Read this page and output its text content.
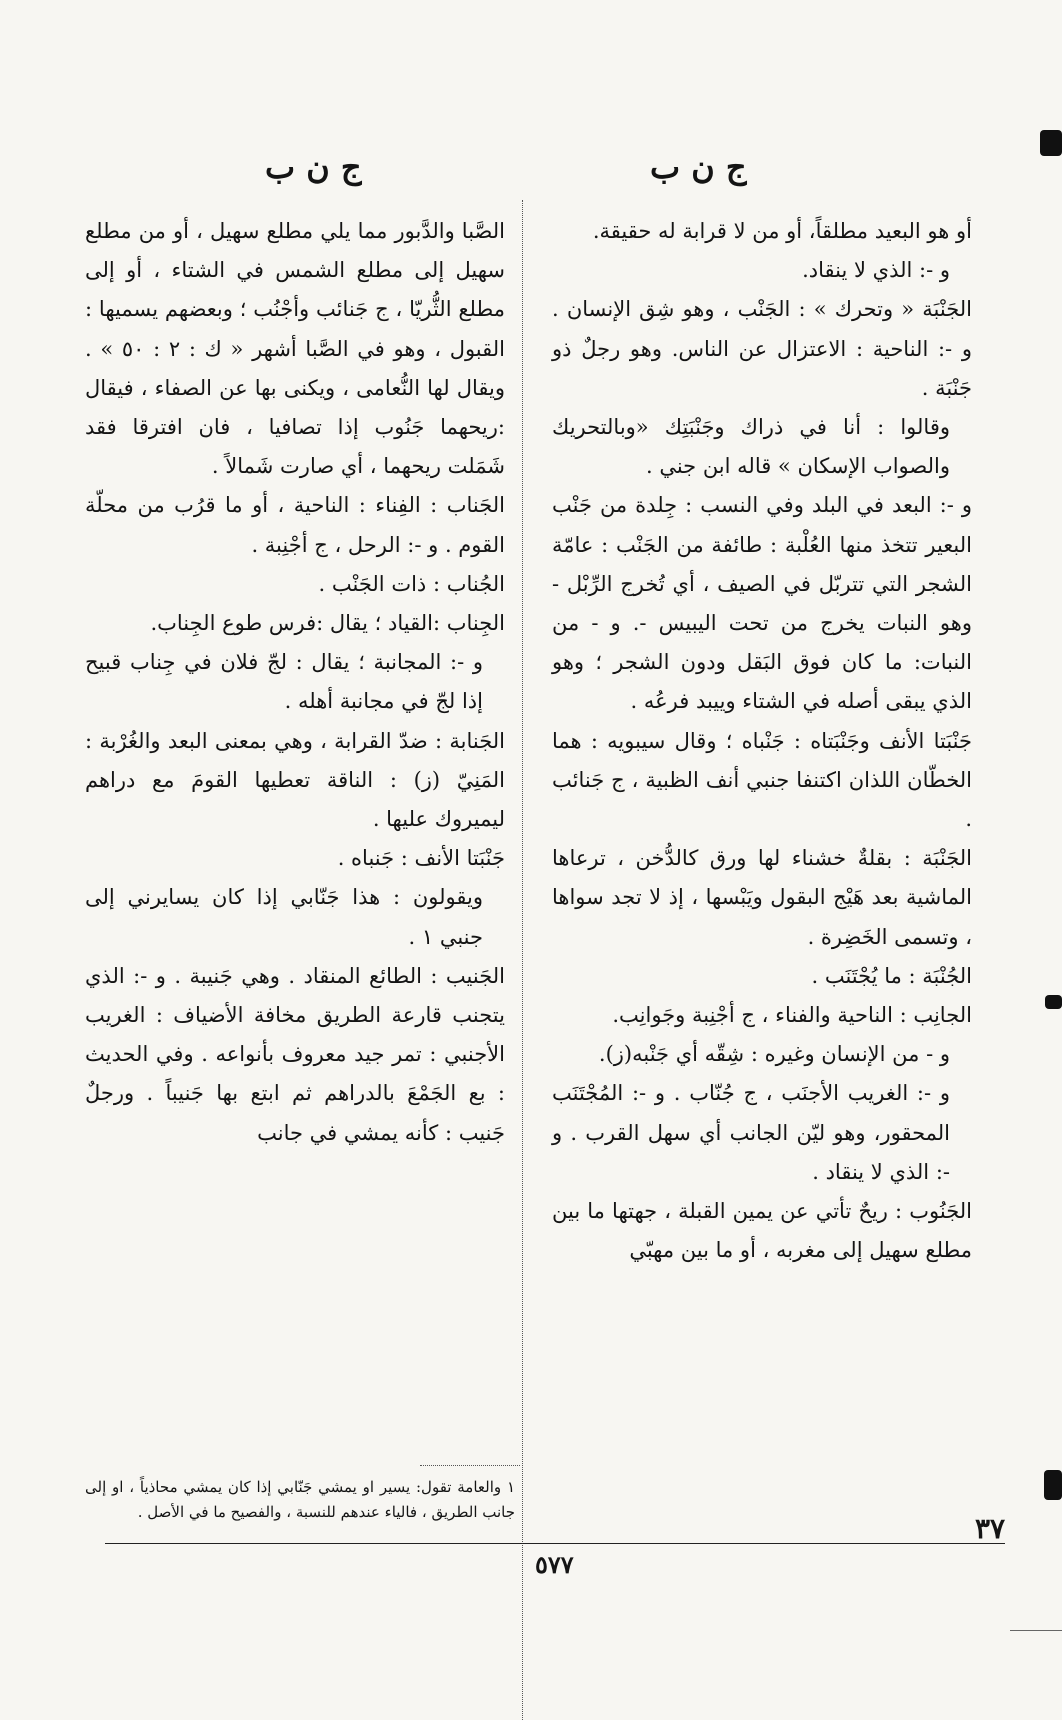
ج ن ب
ج ن ب

أو هو البعيد مطلقاً، أو من لا قرابة له حقيقة.

و -: الذي لا ينقاد.

الجَنْبَة « وتحرك » : الجَنْب ، وهو شِق الإنسان . و -: الناحية : الاعتزال عن الناس. وهو رجلٌ ذو جَنْبَة .

وقالوا : أنا في ذراك وجَنْبَتِك «وبالتحريك والصواب الإسكان » قاله ابن جني .

و -: البعد في البلد وفي النسب : جِلدة من جَنْب البعير تتخذ منها العُلْبة : طائفة من الجَنْب : عامّة الشجر التي تتربّل في الصيف ، أي تُخرج الرِّبْل - وهو النبات يخرج من تحت اليبيس -. و - من النبات: ما كان فوق البَقل ودون الشجر ؛ وهو الذي يبقى أصله في الشتاء وييبد فرعُه .

جَنْبَتا الأنف وجَنْبَتاه : جَنْباه ؛ وقال سيبويه : هما الخطّان اللذان اكتنفا جنبي أنف الظبية ، ج جَنائب .

الجَنْبَة : بقلةٌ خشناء لها ورق كالدُّخن ، ترعاها الماشية بعد هَيْج البقول ويَبْسها ، إذ لا تجد سواها ، وتسمى الخَضِرة .

الجُنْبَة : ما يُجْتَنَب .

الجانِب : الناحية والفناء ، ج أجْنِبة وجَوانِب.

و - من الإنسان وغيره : شِقّه أي جَنْبه(ز).

و -: الغريب الأجنَب ، ج جُنّاب . و -: المُجْتَنَب المحقور، وهو ليّن الجانب أي سهل القرب . و -: الذي لا ينقاد .

الجَنُوب : ريحٌ تأتي عن يمين القبلة ، جهتها ما بين مطلع سهيل إلى مغربه ، أو ما بين مهبّي

الصَّبا والدَّبور مما يلي مطلع سهيل ، أو من مطلع سهيل إلى مطلع الشمس في الشتاء ، أو إلى مطلع الثُّريّا ، ج جَنائب وأجْنُب ؛ وبعضهم يسميها : القبول ، وهو في الصَّبا أشهر « ك : ٢ : ٥٠ » . ويقال لها النُّعامى ، ويكنى بها عن الصفاء ، فيقال :ريحهما جَنُوب إذا تصافيا ، فان افترقا فقد شَمَلت ريحهما ، أي صارت شَمالاً .

الجَناب : الفِناء : الناحية ، أو ما قرُب من محلّة القوم . و -: الرحل ، ج أجْنِبة .

الجُناب : ذات الجَنْب .

الجِناب :القياد ؛ يقال :فرس طوع الجِناب.

و -: المجانبة ؛ يقال : لجّ فلان في جِناب قبيح إذا لجّ في مجانبة أهله .

الجَنابة : ضدّ القرابة ، وهي بمعنى البعد والغُرْبة : المَنِيّ (ز) : الناقة تعطيها القومَ مع دراهم ليميروك عليها .

جَنْبَتا الأنف : جَنباه .

ويقولون : هذا جَنّابي إذا كان يسايرني إلى جنبي ١ .

الجَنيب : الطائع المنقاد . وهي جَنيبة . و -: الذي يتجنب قارعة الطريق مخافة الأضياف : الغريب الأجنبي : تمر جيد معروف بأنواعه . وفي الحديث : بع الجَمْعَ بالدراهم ثم ابتع بها جَنيباً . ورجلٌ جَنيب : كأنه يمشي في جانب

١ والعامة تقول: يسير او يمشي جَنّابي إذا كان يمشي محاذياً ، او إلى جانب الطريق ، فالياء عندهم للنسبة ، والفصيح ما في الأصل .	٣٧
٥٧٧
